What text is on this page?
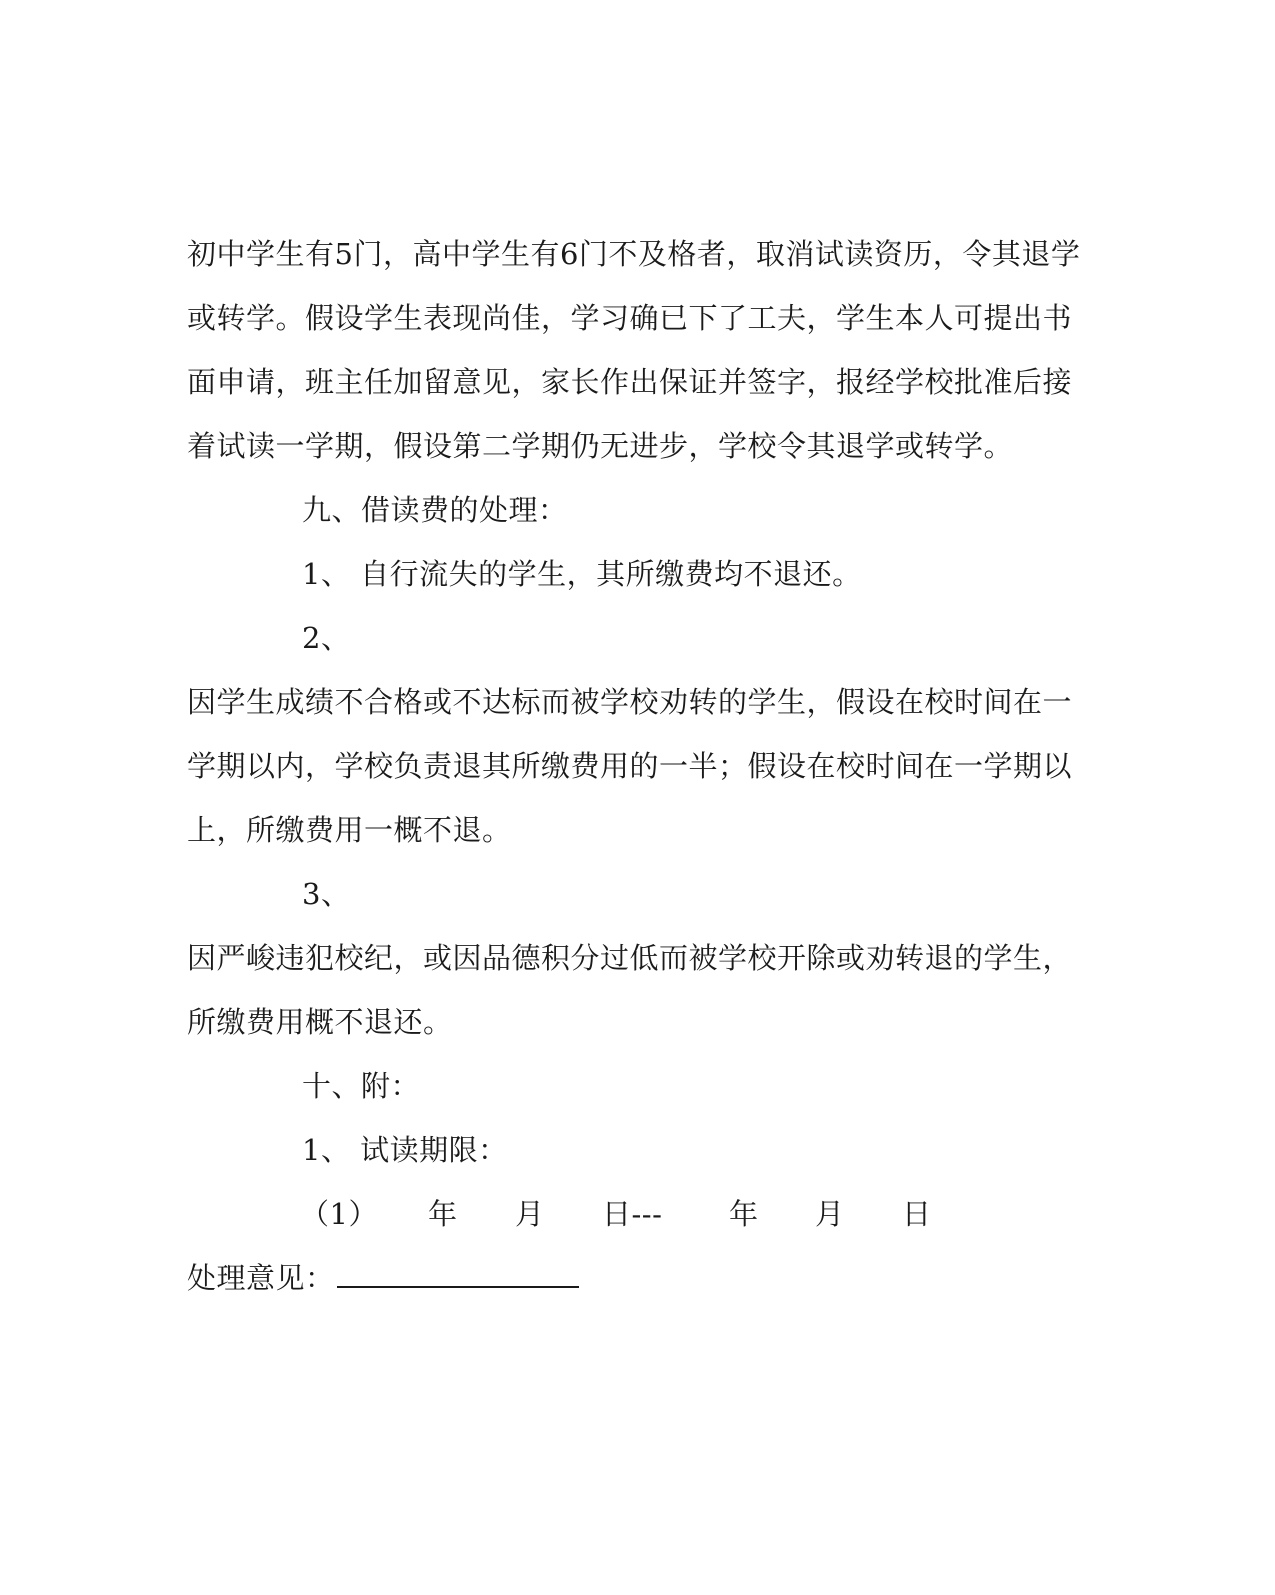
初中学生有5门，高中学生有6门不及格者，取消试读资历，令其退学
或转学。假设学生表现尚佳，学习确已下了工夫，学生本人可提出书
面申请，班主任加留意见，家长作出保证并签字，报经学校批准后接
着试读一学期，假设第二学期仍无进步，学校令其退学或转学。
九、借读费的处理：
1、 自行流失的学生，其所缴费均不退还。
2、
因学生成绩不合格或不达标而被学校劝转的学生，假设在校时间在一
学期以内，学校负责退其所缴费用的一半；假设在校时间在一学期以
上，所缴费用一概不退。
3、
因严峻违犯校纪，或因品德积分过低而被学校开除或劝转退的学生，
所缴费用概不退还。
十、附：
1、 试读期限：
（1） 年 月 日--- 年 月 日
处理意见：
